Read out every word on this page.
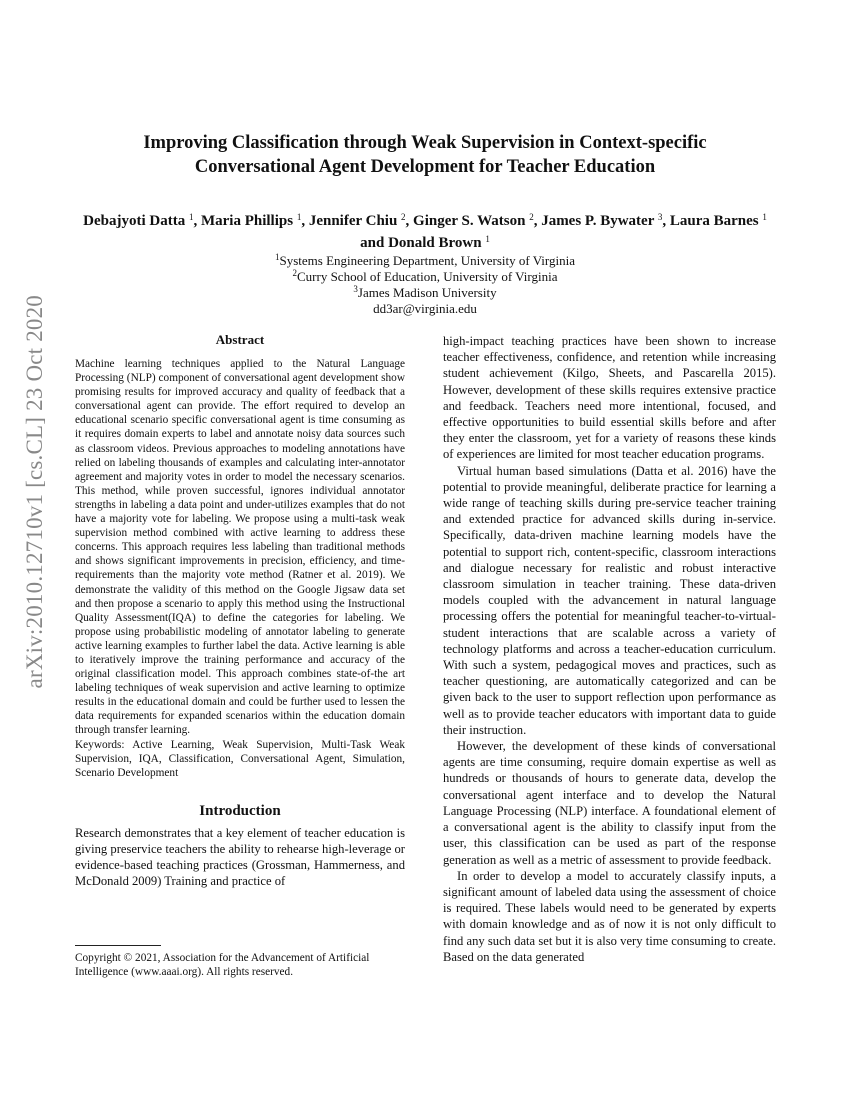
arXiv:2010.12710v1 [cs.CL] 23 Oct 2020
Improving Classification through Weak Supervision in Context-specific
Conversational Agent Development for Teacher Education
Debajyoti Datta $^1$, Maria Phillips $^1$, Jennifer Chiu $^2$, Ginger S. Watson $^2$, James P. Bywater $^3$, Laura Barnes $^1$ and Donald Brown $^1$
$^1$Systems Engineering Department, University of Virginia
$^2$Curry School of Education, University of Virginia
$^3$James Madison University
dd3ar@virginia.edu
Abstract

Machine learning techniques applied to the Natural Language Processing (NLP) component of conversational agent development show promising results for improved accuracy and quality of feedback that a conversational agent can provide. The effort required to develop an educational scenario specific conversational agent is time consuming as it requires domain experts to label and annotate noisy data sources such as classroom videos. Previous approaches to modeling annotations have relied on labeling thousands of examples and calculating inter-annotator agreement and majority votes in order to model the necessary scenarios. This method, while proven successful, ignores individual annotator strengths in labeling a data point and under-utilizes examples that do not have a majority vote for labeling. We propose using a multi-task weak supervision method combined with active learning to address these concerns. This approach requires less labeling than traditional methods and shows significant improvements in precision, efficiency, and time-requirements than the majority vote method (Ratner et al. 2019). We demonstrate the validity of this method on the Google Jigsaw data set and then propose a scenario to apply this method using the Instructional Quality Assessment(IQA) to define the categories for labeling. We propose using probabilistic modeling of annotator labeling to generate active learning examples to further label the data. Active learning is able to iteratively improve the training performance and accuracy of the original classification model. This approach combines state-of-the art labeling techniques of weak supervision and active learning to optimize results in the educational domain and could be further used to lessen the data requirements for expanded scenarios within the education domain through transfer learning.

Keywords: Active Learning, Weak Supervision, Multi-Task Weak Supervision, IQA, Classification, Conversational Agent, Simulation, Scenario Development

Introduction

Research demonstrates that a key element of teacher education is giving preservice teachers the ability to rehearse high-leverage or evidence-based teaching practices (Grossman, Hammerness, and McDonald 2009) Training and practice of

high-impact teaching practices have been shown to increase teacher effectiveness, confidence, and retention while increasing student achievement (Kilgo, Sheets, and Pascarella 2015). However, development of these skills requires extensive practice and feedback. Teachers need more intentional, focused, and effective opportunities to build essential skills before and after they enter the classroom, yet for a variety of reasons these kinds of experiences are limited for most teacher education programs.

Virtual human based simulations (Datta et al. 2016) have the potential to provide meaningful, deliberate practice for learning a wide range of teaching skills during pre-service teacher training and extended practice for advanced skills during in-service. Specifically, data-driven machine learning models have the potential to support rich, content-specific, classroom interactions and dialogue necessary for realistic and robust interactive classroom simulation in teacher training. These data-driven models coupled with the advancement in natural language processing offers the potential for meaningful teacher-to-virtual-student interactions that are scalable across a variety of technology platforms and across a teacher-education curriculum. With such a system, pedagogical moves and practices, such as teacher questioning, are automatically categorized and can be given back to the user to support reflection upon performance as well as to provide teacher educators with important data to guide their instruction.

However, the development of these kinds of conversational agents are time consuming, require domain expertise as well as hundreds or thousands of hours to generate data, develop the conversational agent interface and to develop the Natural Language Processing (NLP) interface. A foundational element of a conversational agent is the ability to classify input from the user, this classification can be used as part of the response generation as well as a metric of assessment to provide feedback.

In order to develop a model to accurately classify inputs, a significant amount of labeled data using the assessment of choice is required. These labels would need to be generated by experts with domain knowledge and as of now it is not only difficult to find any such data set but it is also very time consuming to create. Based on the data generated

Copyright © 2021, Association for the Advancement of Artificial Intelligence (www.aaai.org). All rights reserved.
